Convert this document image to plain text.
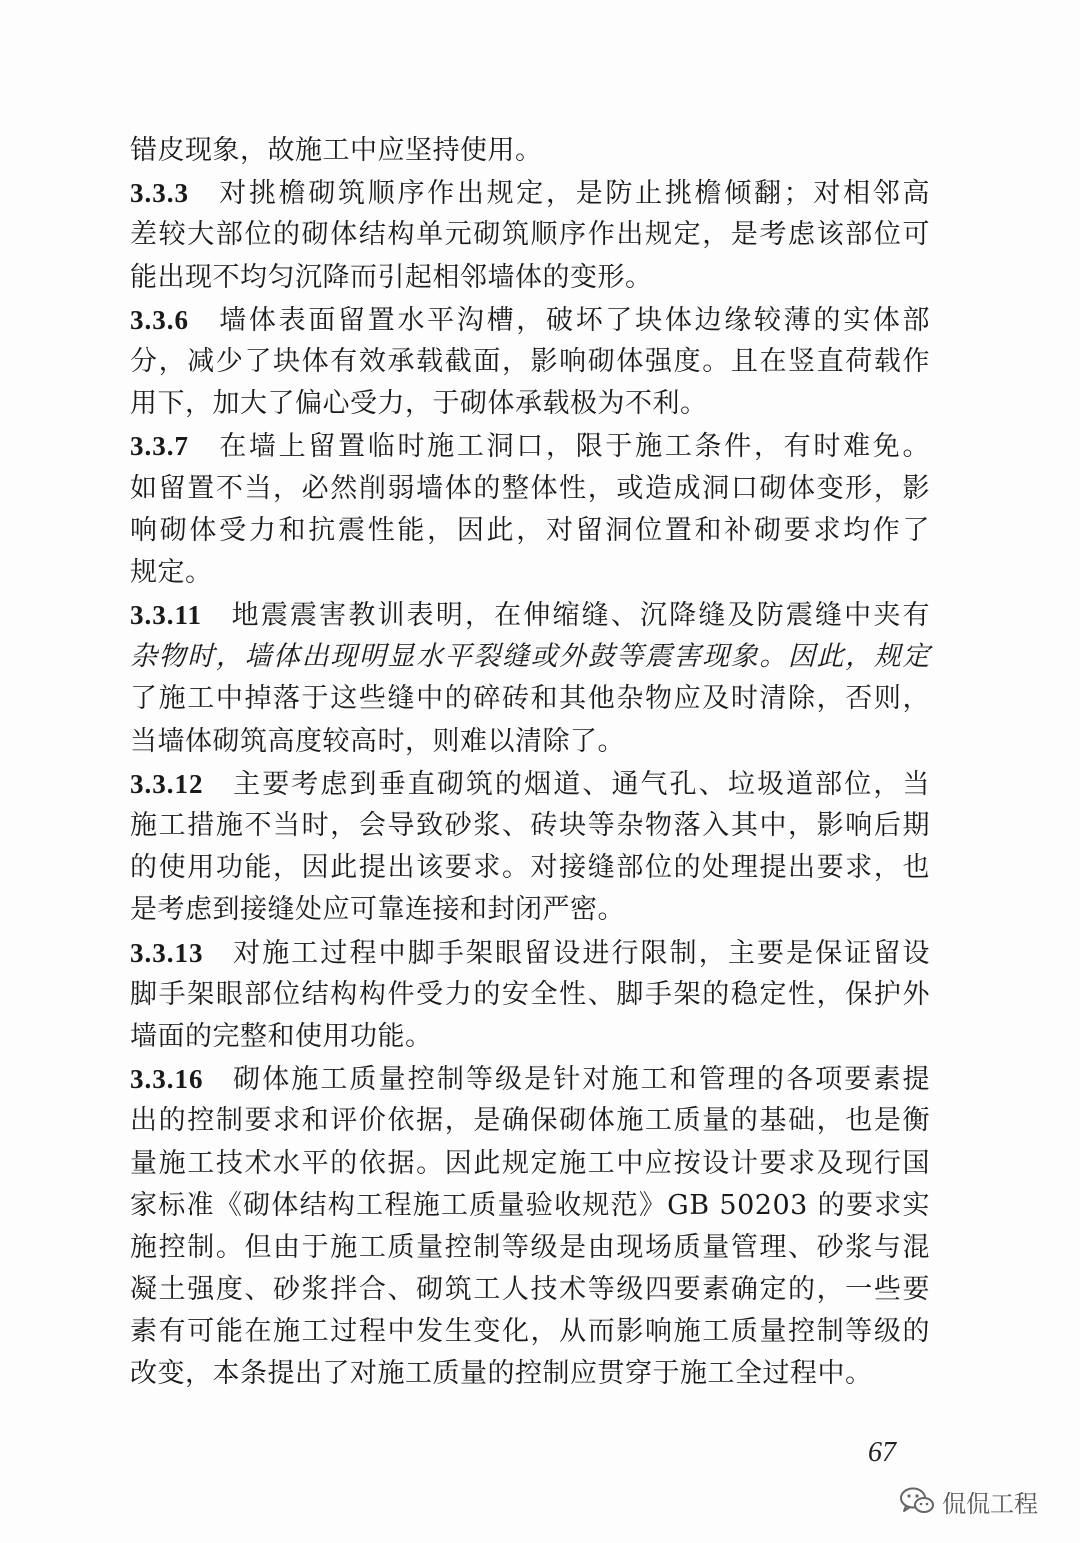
错皮现象，故施工中应坚持使用。
3.3.3 对挑檐砌筑顺序作出规定，是防止挑檐倾翻；对相邻高
差较大部位的砌体结构单元砌筑顺序作出规定，是考虑该部位可
能出现不均匀沉降而引起相邻墙体的变形。
3.3.6 墙体表面留置水平沟槽，破坏了块体边缘较薄的实体部
分，减少了块体有效承载截面，影响砌体强度。且在竖直荷载作
用下，加大了偏心受力，于砌体承载极为不利。
3.3.7 在墙上留置临时施工洞口，限于施工条件，有时难免。
如留置不当，必然削弱墙体的整体性，或造成洞口砌体变形，影
响砌体受力和抗震性能，因此，对留洞位置和补砌要求均作了
规定。
3.3.11 地震震害教训表明，在伸缩缝、沉降缝及防震缝中夹有
杂物时，墙体出现明显水平裂缝或外鼓等震害现象。因此，规定
了施工中掉落于这些缝中的碎砖和其他杂物应及时清除，否则，
当墙体砌筑高度较高时，则难以清除了。
3.3.12 主要考虑到垂直砌筑的烟道、通气孔、垃圾道部位，当
施工措施不当时，会导致砂浆、砖块等杂物落入其中，影响后期
的使用功能，因此提出该要求。对接缝部位的处理提出要求，也
是考虑到接缝处应可靠连接和封闭严密。
3.3.13 对施工过程中脚手架眼留设进行限制，主要是保证留设
脚手架眼部位结构构件受力的安全性、脚手架的稳定性，保护外
墙面的完整和使用功能。
3.3.16 砌体施工质量控制等级是针对施工和管理的各项要素提
出的控制要求和评价依据，是确保砌体施工质量的基础，也是衡
量施工技术水平的依据。因此规定施工中应按设计要求及现行国
家标准《砌体结构工程施工质量验收规范》GB 50203 的要求实
施控制。但由于施工质量控制等级是由现场质量管理、砂浆与混
凝土强度、砂浆拌合、砌筑工人技术等级四要素确定的，一些要
素有可能在施工过程中发生变化，从而影响施工质量控制等级的
改变，本条提出了对施工质量的控制应贯穿于施工全过程中。
67
侃侃工程
